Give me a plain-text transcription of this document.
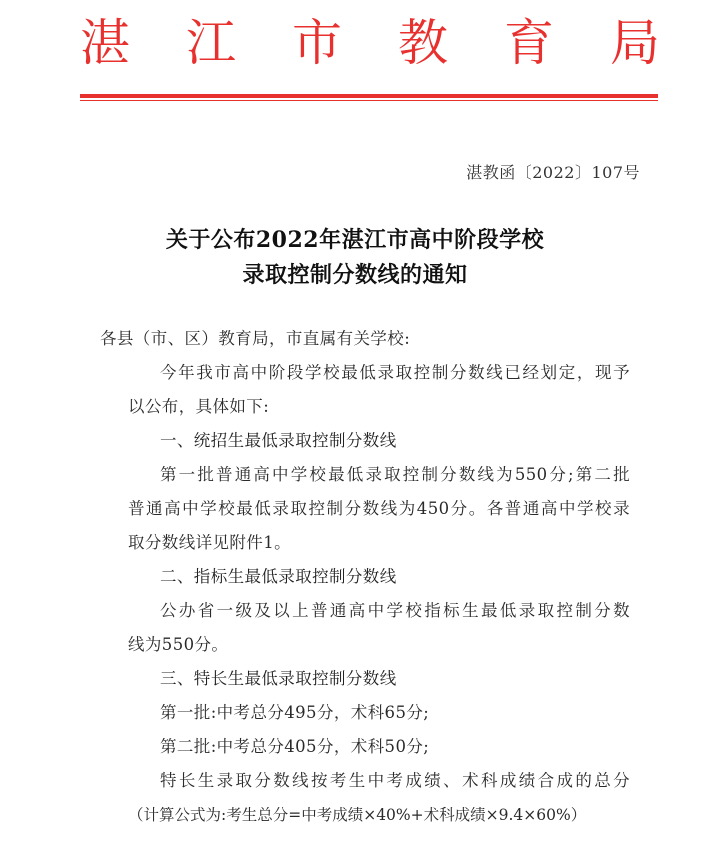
湛 江 市 教 育 局
湛教函〔2022〕107号
关于公布2022年湛江市高中阶段学校
录取控制分数线的通知
各县（市、区）教育局，市直属有关学校:
今年我市高中阶段学校最低录取控制分数线已经划定，现予
以公布，具体如下:
一、统招生最低录取控制分数线
第一批普通高中学校最低录取控制分数线为550分;第二批
普通高中学校最低录取控制分数线为450分。各普通高中学校录
取分数线详见附件1。
二、指标生最低录取控制分数线
公办省一级及以上普通高中学校指标生最低录取控制分数
线为550分。
三、特长生最低录取控制分数线
第一批:中考总分495分，术科65分;
第二批:中考总分405分，术科50分;
特长生录取分数线按考生中考成绩、术科成绩合成的总分
（计算公式为:考生总分=中考成绩×40%+术科成绩×9.4×60%）
